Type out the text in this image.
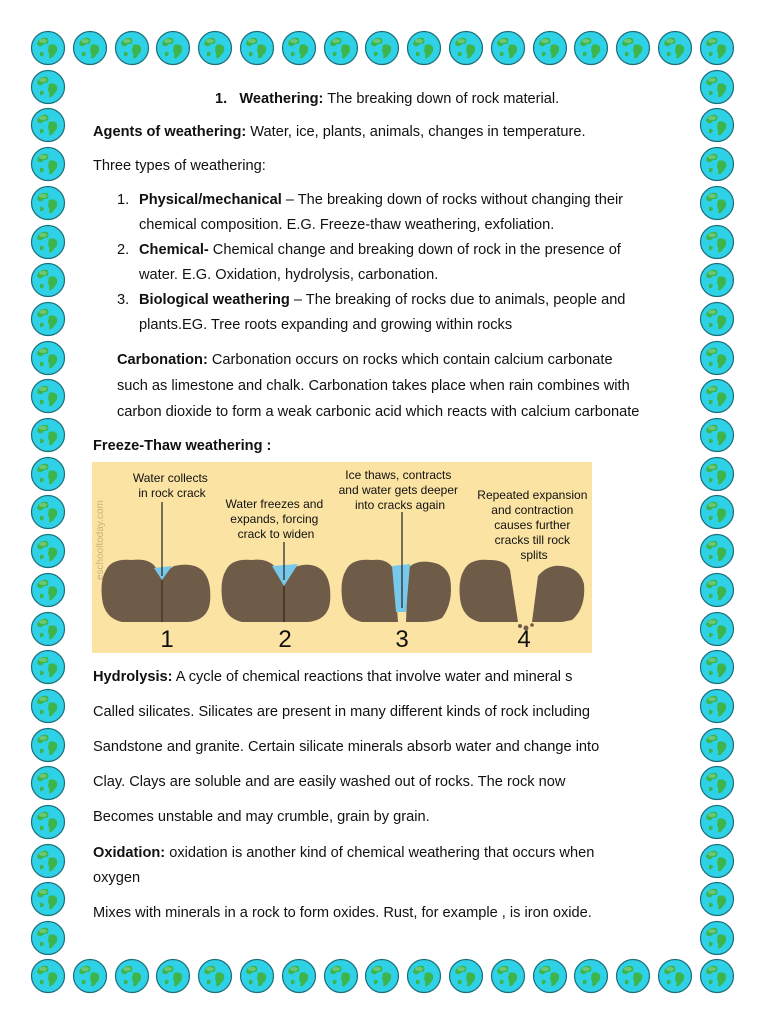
1. Weathering: The breaking down of rock material.

Agents of weathering: Water, ice, plants, animals, changes in temperature.

Three types of weathering:

1. Physical/mechanical – The breaking down of rocks without changing their
chemical composition. E.G. Freeze-thaw weathering, exfoliation.
2. Chemical- Chemical change and breaking down of rock in the presence of
water. E.G. Oxidation, hydrolysis, carbonation.
3. Biological weathering – The breaking of rocks due to animals, people and
plants.EG. Tree roots expanding and growing within rocks
Carbonation: Carbonation occurs on rocks which contain calcium carbonate
such as limestone and chalk. Carbonation takes place when rain combines with
carbon dioxide to form a weak carbonic acid which reacts with calcium carbonate

Freeze-Thaw weathering :

eschooltoday.com
Water collects in rock crack
1
Water freezes and expands, forcing crack to widen
2
Ice thaws, contracts and water gets deeper into cracks again
3
Repeated expansion and contraction causes further cracks till rock splits
4
Hydrolysis: A cycle of chemical reactions that involve water and mineral s
Called silicates. Silicates are present in many different kinds of rock including
Sandstone and granite. Certain silicate minerals absorb water and change into
Clay. Clays are soluble and are easily washed out of rocks. The rock now
Becomes unstable and may crumble, grain by grain.
Oxidation: oxidation is another kind of chemical weathering that occurs when
oxygen
Mixes with minerals in a rock to form oxides. Rust, for example , is iron oxide.
